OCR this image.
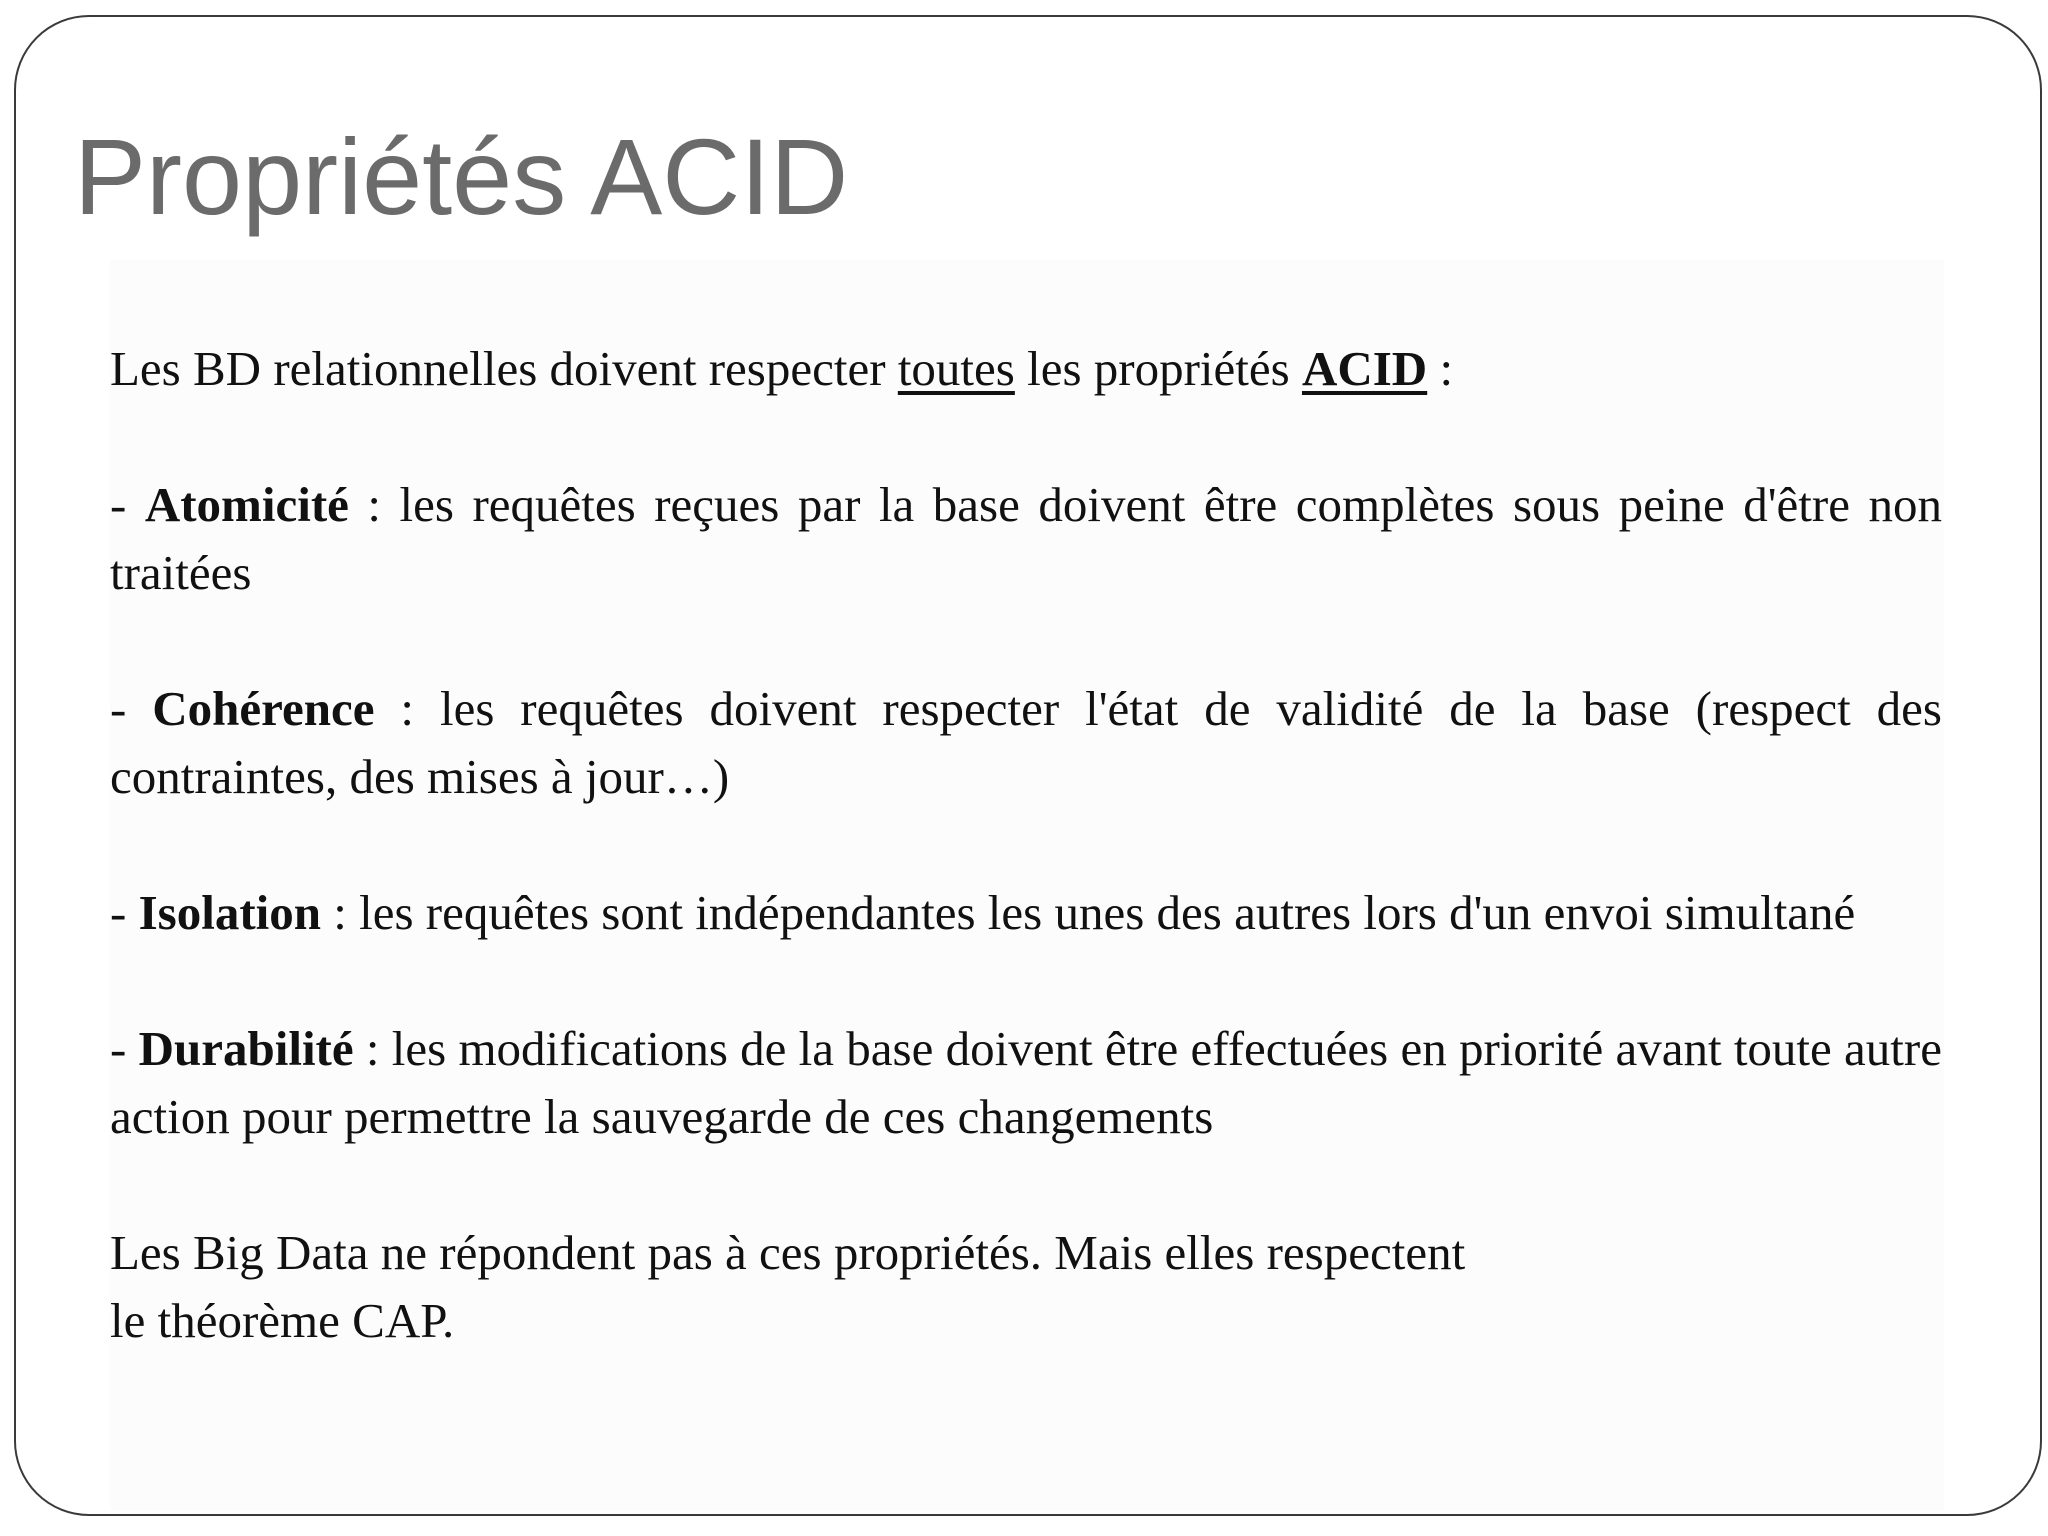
Propriétés ACID

Les BD relationnelles doivent respecter toutes les propriétés ACID :

- Atomicité : les requêtes reçues par la base doivent être complètes sous peine d'être non traitées

- Cohérence : les requêtes doivent respecter l'état de validité de la base (respect des contraintes, des mises à jour…)

- Isolation : les requêtes sont indépendantes les unes des autres lors d'un envoi simultané

- Durabilité : les modifications de la base doivent être effectuées en priorité avant toute autre action pour permettre la sauvegarde de ces changements

Les Big Data ne répondent pas à ces propriétés. Mais elles respectent
le théorème CAP.
